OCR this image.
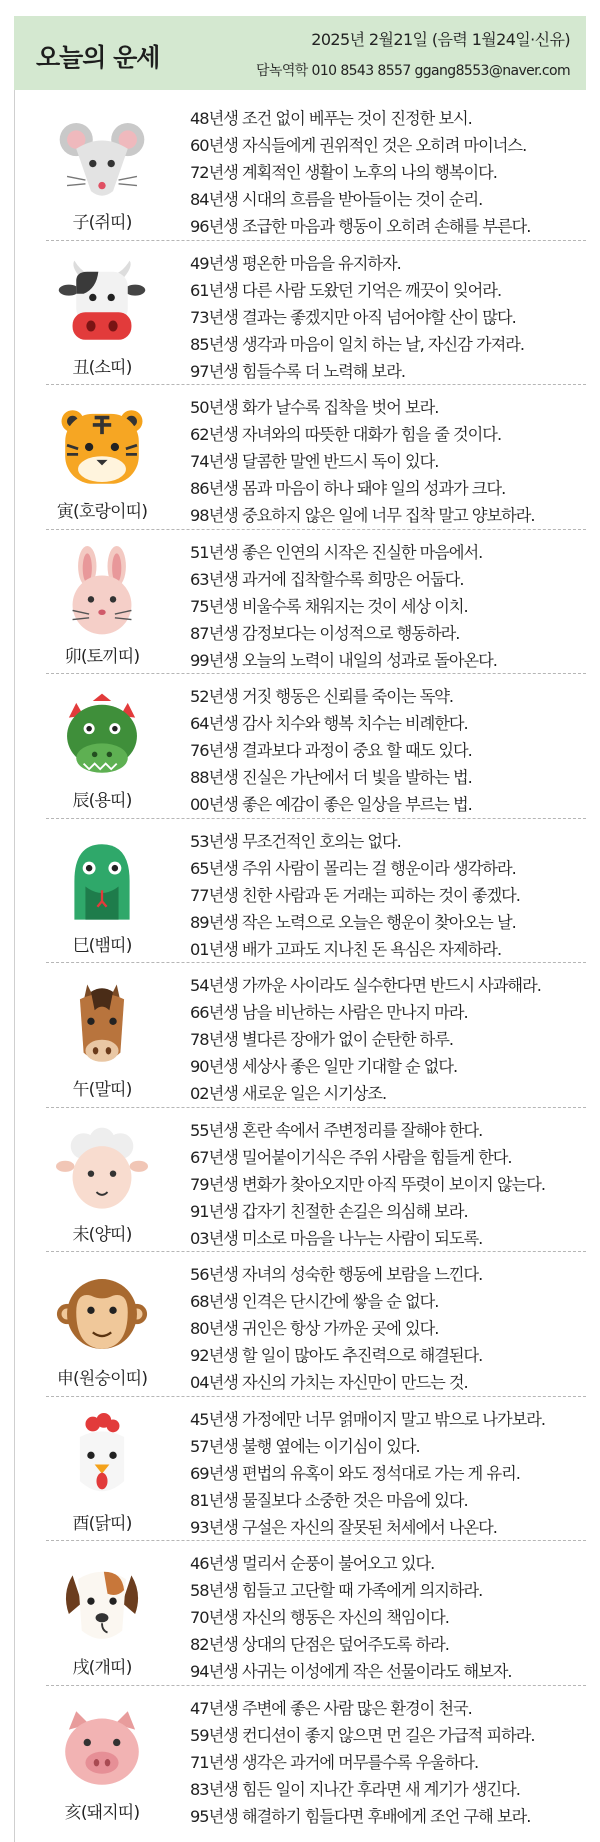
오늘의 운세
2025년 2월21일 (음력 1월24일·신유)
담녹역학 010 8543 8557 ggang8553@naver.com
子(쥐띠)
48년생 조건 없이 베푸는 것이 진정한 보시.
60년생 자식들에게 권위적인 것은 오히려 마이너스.
72년생 계획적인 생활이 노후의 나의 행복이다.
84년생 시대의 흐름을 받아들이는 것이 순리.
96년생 조급한 마음과 행동이 오히려 손해를 부른다.
丑(소띠)
49년생 평온한 마음을 유지하자.
61년생 다른 사람 도왔던 기억은 깨끗이 잊어라.
73년생 결과는 좋겠지만 아직 넘어야할 산이 많다.
85년생 생각과 마음이 일치 하는 날, 자신감 가져라.
97년생 힘들수록 더 노력해 보라.
寅(호랑이띠)
50년생 화가 날수록 집착을 벗어 보라.
62년생 자녀와의 따뜻한 대화가 힘을 줄 것이다.
74년생 달콤한 말엔 반드시 독이 있다.
86년생 몸과 마음이 하나 돼야 일의 성과가 크다.
98년생 중요하지 않은 일에 너무 집착 말고 양보하라.
卯(토끼띠)
51년생 좋은 인연의 시작은 진실한 마음에서.
63년생 과거에 집착할수록 희망은 어둡다.
75년생 비울수록 채워지는 것이 세상 이치.
87년생 감정보다는 이성적으로 행동하라.
99년생 오늘의 노력이 내일의 성과로 돌아온다.
辰(용띠)
52년생 거짓 행동은 신뢰를 죽이는 독약.
64년생 감사 치수와 행복 치수는 비례한다.
76년생 결과보다 과정이 중요 할 때도 있다.
88년생 진실은 가난에서 더 빛을 발하는 법.
00년생 좋은 예감이 좋은 일상을 부르는 법.
巳(뱀띠)
53년생 무조건적인 호의는 없다.
65년생 주위 사람이 몰리는 걸 행운이라 생각하라.
77년생 친한 사람과 돈 거래는 피하는 것이 좋겠다.
89년생 작은 노력으로 오늘은 행운이 찾아오는 날.
01년생 배가 고파도 지나친 돈 욕심은 자제하라.
午(말띠)
54년생 가까운 사이라도 실수한다면 반드시 사과해라.
66년생 남을 비난하는 사람은 만나지 마라.
78년생 별다른 장애가 없이 순탄한 하루.
90년생 세상사 좋은 일만 기대할 순 없다.
02년생 새로운 일은 시기상조.
未(양띠)
55년생 혼란 속에서 주변정리를 잘해야 한다.
67년생 밀어붙이기식은 주위 사람을 힘들게 한다.
79년생 변화가 찾아오지만 아직 뚜렷이 보이지 않는다.
91년생 갑자기 친절한 손길은 의심해 보라.
03년생 미소로 마음을 나누는 사람이 되도록.
申(원숭이띠)
56년생 자녀의 성숙한 행동에 보람을 느낀다.
68년생 인격은 단시간에 쌓을 순 없다.
80년생 귀인은 항상 가까운 곳에 있다.
92년생 할 일이 많아도 추진력으로 해결된다.
04년생 자신의 가치는 자신만이 만드는 것.
酉(닭띠)
45년생 가정에만 너무 얽매이지 말고 밖으로 나가보라.
57년생 불행 옆에는 이기심이 있다.
69년생 편법의 유혹이 와도 정석대로 가는 게 유리.
81년생 물질보다 소중한 것은 마음에 있다.
93년생 구설은 자신의 잘못된 처세에서 나온다.
戌(개띠)
46년생 멀리서 순풍이 불어오고 있다.
58년생 힘들고 고단할 때 가족에게 의지하라.
70년생 자신의 행동은 자신의 책임이다.
82년생 상대의 단점은 덮어주도록 하라.
94년생 사귀는 이성에게 작은 선물이라도 해보자.
亥(돼지띠)
47년생 주변에 좋은 사람 많은 환경이 천국.
59년생 컨디션이 좋지 않으면 먼 길은 가급적 피하라.
71년생 생각은 과거에 머무를수록 우울하다.
83년생 힘든 일이 지나간 후라면 새 계기가 생긴다.
95년생 해결하기 힘들다면 후배에게 조언 구해 보라.
